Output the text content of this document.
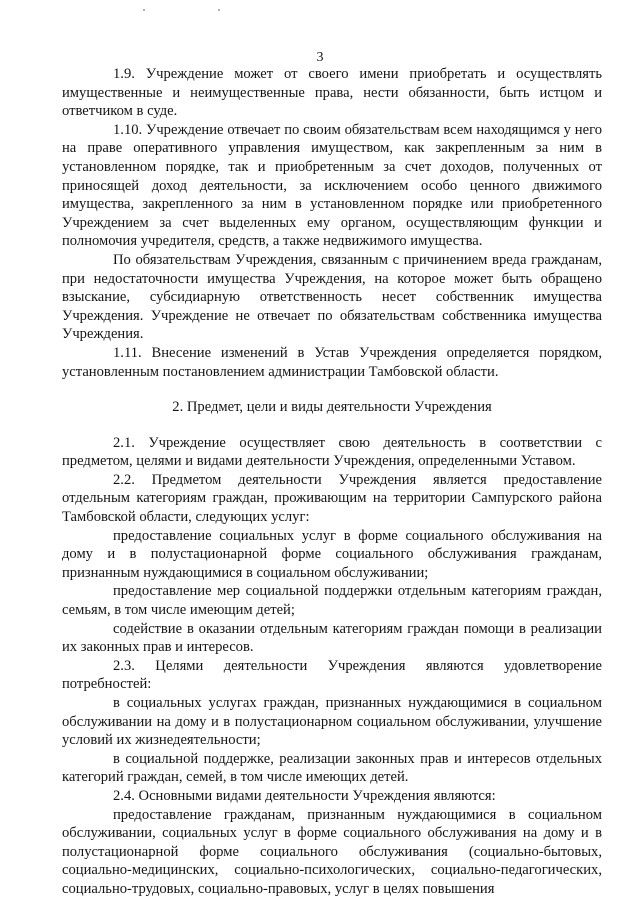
3

1.9. Учреждение может от своего имени приобретать и осуществлять имущественные и неимущественные права, нести обязанности, быть истцом и ответчиком в суде.

1.10. Учреждение отвечает по своим обязательствам всем находящимся у него на праве оперативного управления имуществом, как закрепленным за ним в установленном порядке, так и приобретенным за счет доходов, полученных от приносящей доход деятельности, за исключением особо ценного движимого имущества, закрепленного за ним в установленном порядке или приобретенного Учреждением за счет выделенных ему органом, осуществляющим функции и полномочия учредителя, средств, а также недвижимого имущества.

По обязательствам Учреждения, связанным с причинением вреда гражданам, при недостаточности имущества Учреждения, на которое может быть обращено взыскание, субсидиарную ответственность несет собственник имущества Учреждения. Учреждение не отвечает по обязательствам собственника имущества Учреждения.

1.11. Внесение изменений в Устав Учреждения определяется порядком, установленным постановлением администрации Тамбовской области.

2. Предмет, цели и виды деятельности Учреждения

2.1. Учреждение осуществляет свою деятельность в соответствии с предметом, целями и видами деятельности Учреждения, определенными Уставом.

2.2. Предметом деятельности Учреждения является предоставление отдельным категориям граждан, проживающим на территории Сампурского района Тамбовской области, следующих услуг:

предоставление социальных услуг в форме социального обслуживания на дому и в полустационарной форме социального обслуживания гражданам, признанным нуждающимися в социальном обслуживании;

предоставление мер социальной поддержки отдельным категориям граждан, семьям, в том числе имеющим детей;

содействие в оказании отдельным категориям граждан помощи в реализации их законных прав и интересов.

2.3. Целями деятельности Учреждения являются удовлетворение потребностей:

в социальных услугах граждан, признанных нуждающимися в социальном обслуживании на дому и в полустационарном социальном обслуживании, улучшение условий их жизнедеятельности;

в социальной поддержке, реализации законных прав и интересов отдельных категорий граждан, семей, в том числе имеющих детей.

2.4. Основными видами деятельности Учреждения являются:

предоставление гражданам, признанным нуждающимися в социальном обслуживании, социальных услуг в форме социального обслуживания на дому и в полустационарной форме социального обслуживания (социально-бытовых, социально-медицинских, социально-психологических, социально-педагогических, социально-трудовых, социально-правовых, услуг в целях повышения
